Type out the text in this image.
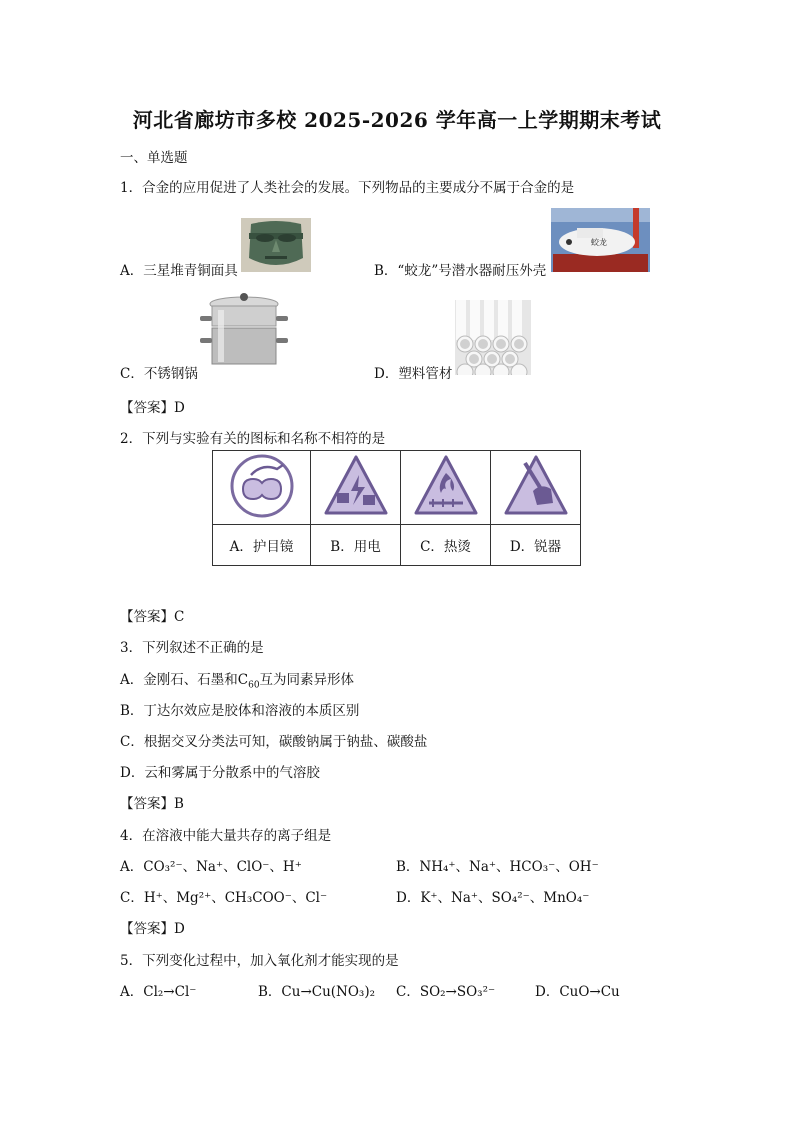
河北省廊坊市多校 2025-2026 学年高一上学期期末考试
一、单选题
1．合金的应用促进了人类社会的发展。下列物品的主要成分不属于合金的是
A．三星堆青铜面具
蛟龙
B．“蛟龙”号潜水器耐压外壳
C．不锈钢锅	D．塑料管材
【答案】D
2．下列与实验有关的图标和名称不相符的是

A．护目镜	B．用电	C．热烫	D．锐器
【答案】C
3．下列叙述不正确的是
A．金刚石、石墨和$C_{60}$互为同素异形体
B．丁达尔效应是胶体和溶液的本质区别
C．根据交叉分类法可知，碳酸钠属于钠盐、碳酸盐
D．云和雾属于分散系中的气溶胶
【答案】B
4．在溶液中能大量共存的离子组是
A．CO₃²⁻、Na⁺、ClO⁻、H⁺	B．NH₄⁺、Na⁺、HCO₃⁻、OH⁻
C．H⁺、Mg²⁺、CH₃COO⁻、Cl⁻	D．K⁺、Na⁺、SO₄²⁻、MnO₄⁻
【答案】D
5．下列变化过程中，加入氧化剂才能实现的是
A．Cl₂→Cl⁻	B．Cu→Cu(NO₃)₂ C．SO₂→SO₃²⁻	D．CuO→Cu
